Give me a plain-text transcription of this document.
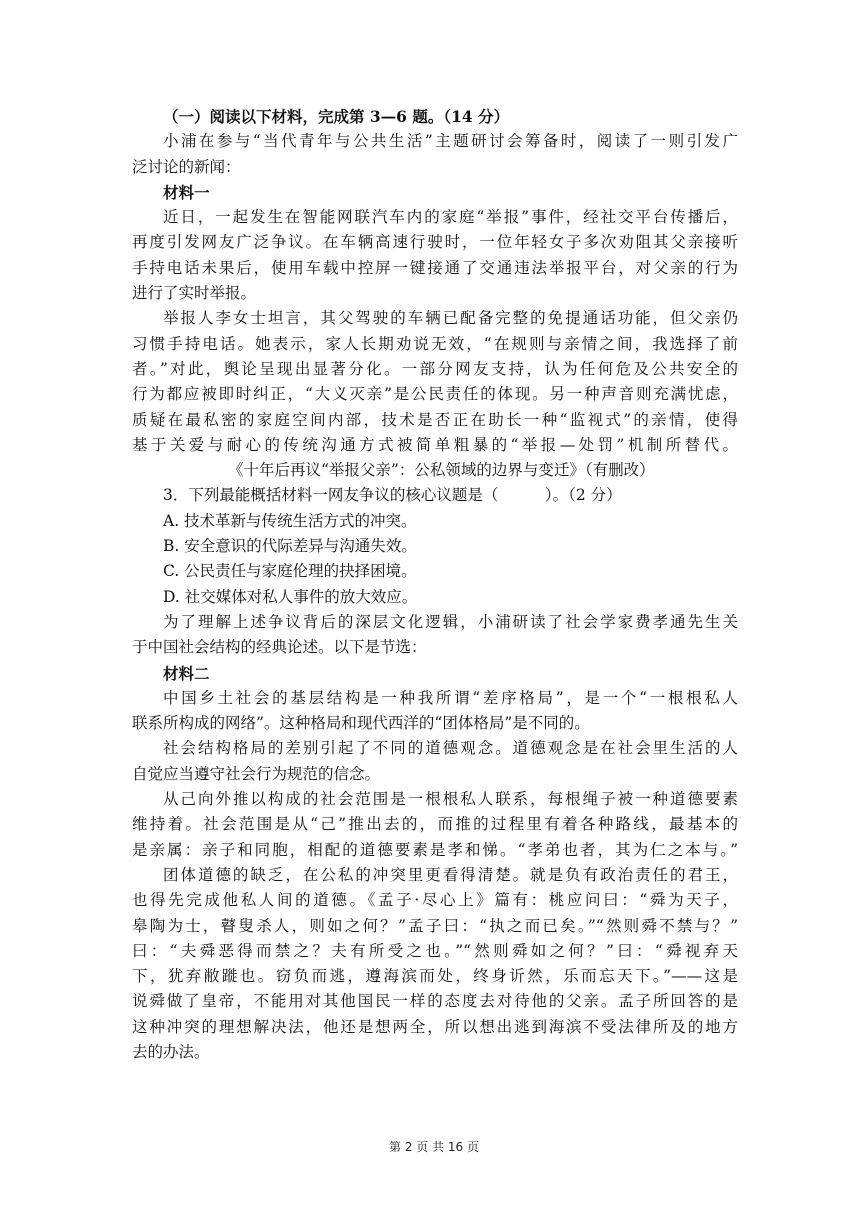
（一）阅读以下材料，完成第 3—6 题。（14 分）
小浦在参与“当代青年与公共生活”主题研讨会筹备时，阅读了一则引发广
泛讨论的新闻：
材料一
近日，一起发生在智能网联汽车内的家庭“举报”事件，经社交平台传播后，
再度引发网友广泛争议。在车辆高速行驶时，一位年轻女子多次劝阻其父亲接听
手持电话未果后，使用车载中控屏一键接通了交通违法举报平台，对父亲的行为
进行了实时举报。
举报人李女士坦言，其父驾驶的车辆已配备完整的免提通话功能，但父亲仍
习惯手持电话。她表示，家人长期劝说无效，“在规则与亲情之间，我选择了前
者。”对此，舆论呈现出显著分化。一部分网友支持，认为任何危及公共安全的
行为都应被即时纠正，“大义灭亲”是公民责任的体现。另一种声音则充满忧虑，
质疑在最私密的家庭空间内部，技术是否正在助长一种“监视式”的亲情，使得
基于关爱与耐心的传统沟通方式被简单粗暴的“举报—处罚”机制所替代。
《十年后再议“举报父亲”：公私领域的边界与变迁》（有删改）
3．下列最能概括材料一网友争议的核心议题是（　　　）。（2 分）
A. 技术革新与传统生活方式的冲突。
B. 安全意识的代际差异与沟通失效。
C. 公民责任与家庭伦理的抉择困境。
D. 社交媒体对私人事件的放大效应。
为了理解上述争议背后的深层文化逻辑，小浦研读了社会学家费孝通先生关
于中国社会结构的经典论述。以下是节选：
材料二
中国乡土社会的基层结构是一种我所谓“差序格局”，是一个“一根根私人
联系所构成的网络”。这种格局和现代西洋的“团体格局”是不同的。
社会结构格局的差别引起了不同的道德观念。道德观念是在社会里生活的人
自觉应当遵守社会行为规范的信念。
从己向外推以构成的社会范围是一根根私人联系，每根绳子被一种道德要素
维持着。社会范围是从“己”推出去的，而推的过程里有着各种路线，最基本的
是亲属：亲子和同胞，相配的道德要素是孝和悌。“孝弟也者，其为仁之本与。”
团体道德的缺乏，在公私的冲突里更看得清楚。就是负有政治责任的君王，
也得先完成他私人间的道德。《孟子·尽心上》篇有：桃应问曰：“舜为天子，
皋陶为士，瞽叟杀人，则如之何？”孟子曰：“执之而已矣。”“然则舜不禁与？”
曰：“夫舜恶得而禁之？夫有所受之也。”“然则舜如之何？”曰：“舜视弃天
下，犹弃敝蹝也。窃负而逃，遵海滨而处，终身䜣然，乐而忘天下。”——这是
说舜做了皇帝，不能用对其他国民一样的态度去对待他的父亲。孟子所回答的是
这种冲突的理想解决法，他还是想两全，所以想出逃到海滨不受法律所及的地方
去的办法。
第 2 页 共 16 页
